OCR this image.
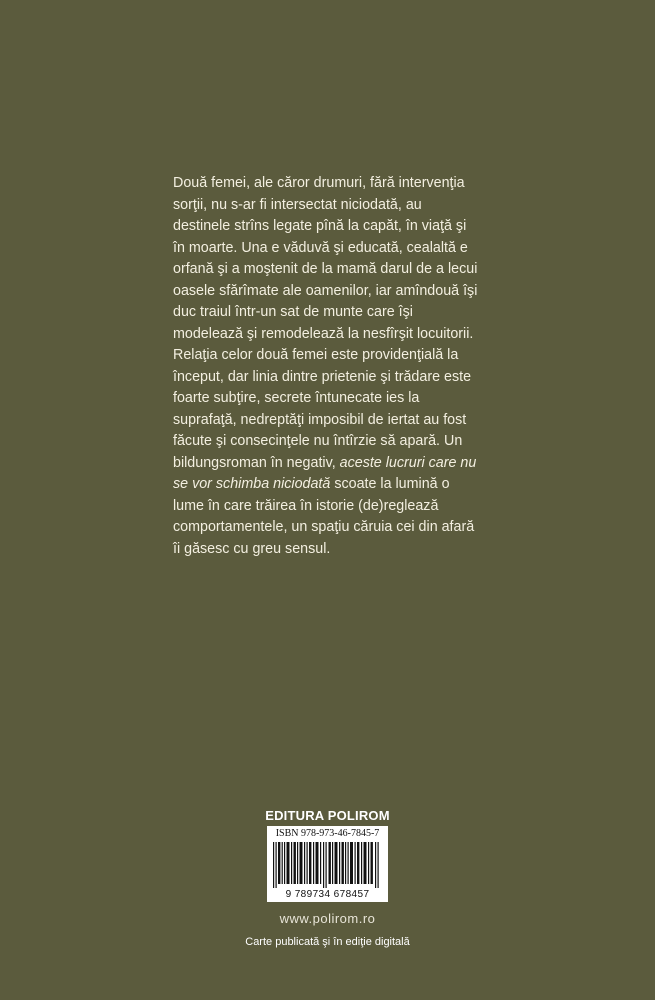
Două femei, ale căror drumuri, fără intervenţia sorţii, nu s-ar fi intersectat niciodată, au destinele strîns legate pînă la capăt, în viaţă şi în moarte. Una e văduvă şi educată, cealaltă e orfană şi a moştenit de la mamă darul de a lecui oasele sfărîmate ale oamenilor, iar amîndouă îşi duc traiul într-un sat de munte care îşi modelează şi remodelează la nesfîrşit locuitorii. Relaţia celor două femei este providenţială la început, dar linia dintre prietenie şi trădare este foarte subţire, secrete întunecate ies la suprafaţă, nedreptăţi imposibil de iertat au fost făcute şi consecinţele nu întîrzie să apară. Un bildungsroman în negativ, aceste lucruri care nu se vor schimba niciodată scoate la lumină o lume în care trăirea în istorie (de)reglează comportamentele, un spaţiu căruia cei din afară îi găsesc cu greu sensul.

EDITURA POLIROM
ISBN 978-973-46-7845-7
9 789734 678457
www.polirom.ro
Carte publicată şi în ediţie digitală
